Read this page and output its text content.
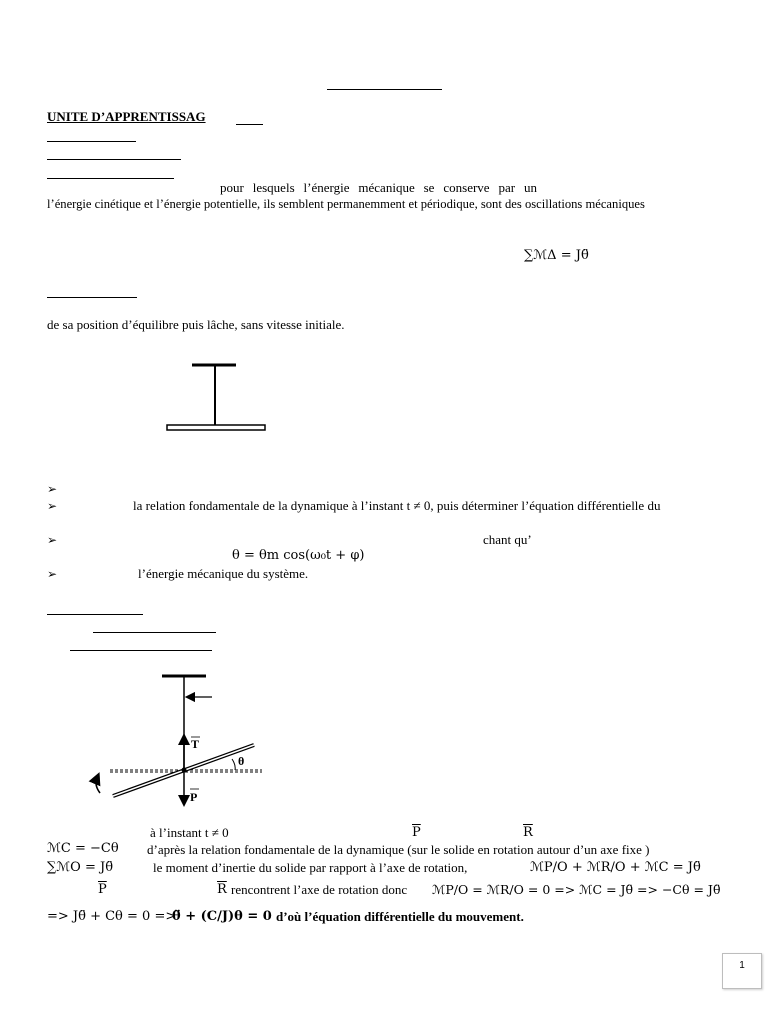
UNITE D’APPRENTISSAG
pour lesquels l’énergie mécanique se conserve par un
l’énergie cinétique et l’énergie potentielle, ils semblent permanemment et périodique, sont des oscillations mécaniques
∑ℳΔ = Jθ̈
de sa position d’équilibre puis lâche, sans vitesse initiale.
➢
➢	la relation fondamentale de la dynamique à l’instant t ≠ 0, puis déterminer l’équation différentielle du
➢	chant qu’
θ = θm cos(ω₀t + φ)
➢	l’énergie mécanique du système.
T
P
θ
à l’instant t ≠ 0	$\overline{P}$	$\overline{R}$
ℳC = −Cθ d’après la relation fondamentale de la dynamique (sur le solide en rotation autour d’un axe fixe )
∑ℳO = Jθ̈	le moment d’inertie du solide par rapport à l’axe de rotation,	ℳP/O + ℳR/O + ℳC = Jθ̈
$\overline{P}$	$\overline{R}$ rencontrent l’axe de rotation donc ℳP/O = ℳR/O = 0 => ℳC = Jθ̈ => −Cθ = Jθ̈
=> Jθ̈ + Cθ = 0 =>
θ̈ + (C/J)θ = 0 d’où l’équation différentielle du mouvement.
1
